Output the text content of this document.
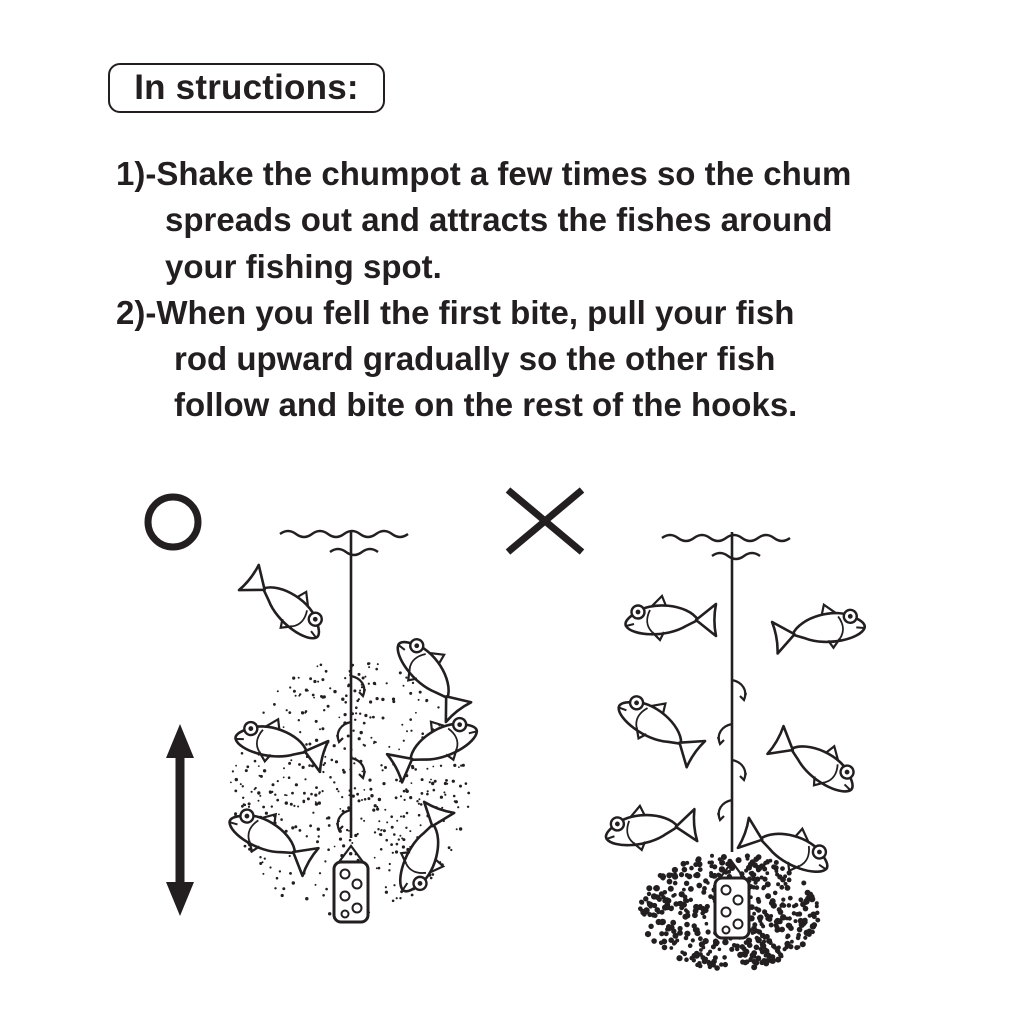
In structions:
1)-Shake the chumpot a few times so the chum
spreads out and attracts the fishes around
your fishing spot.
2)-When you fell the first bite, pull your fish
rod upward gradually so the other fish
follow and bite on the rest of the hooks.
